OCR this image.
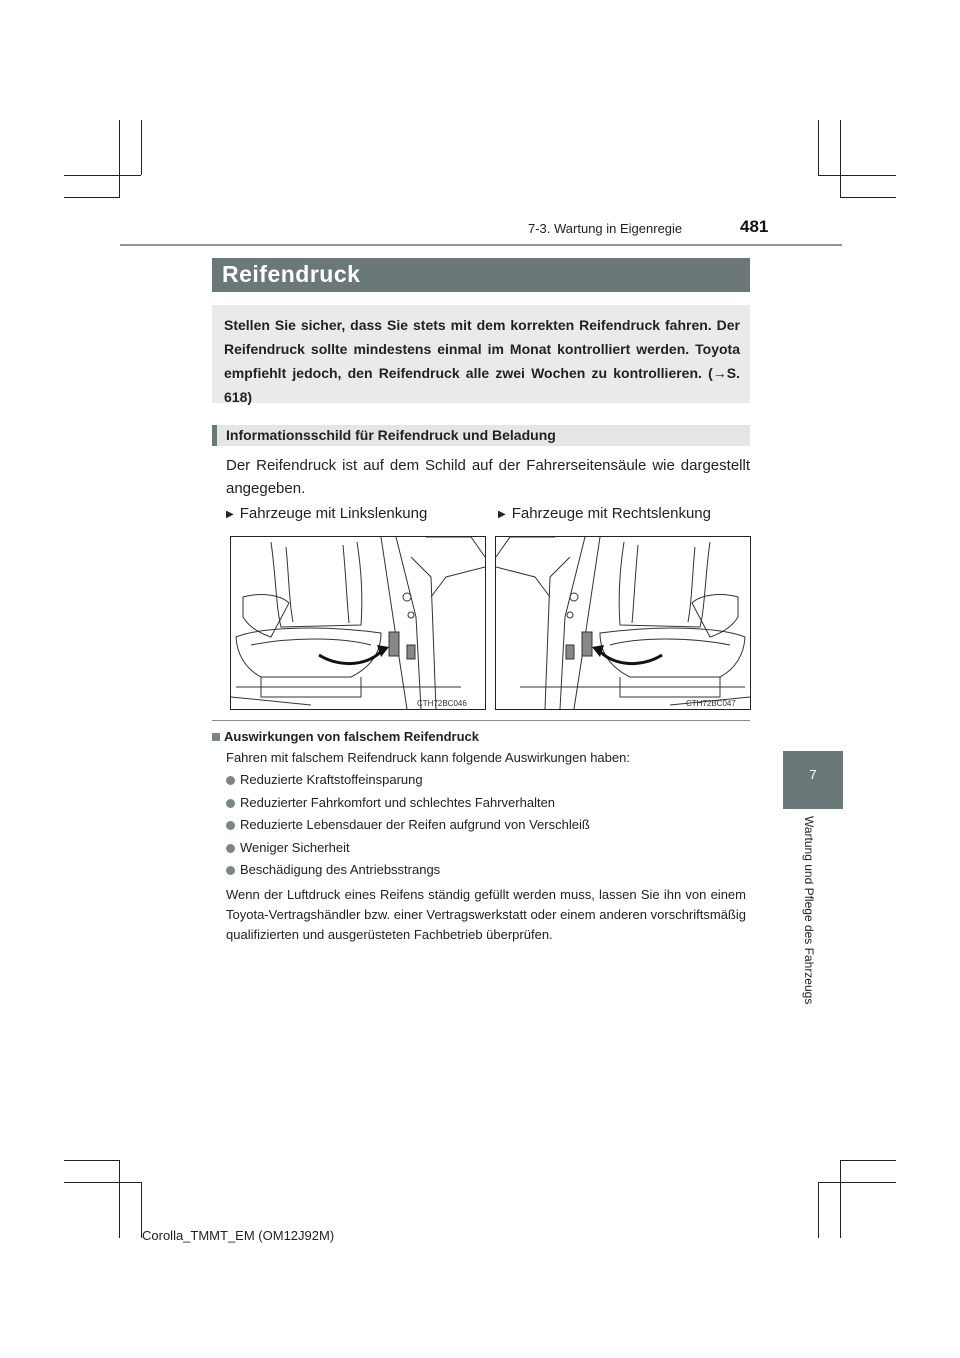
7-3. Wartung in Eigenregie	481
Reifendruck
Stellen Sie sicher, dass Sie stets mit dem korrekten Reifendruck fahren. Der Reifendruck sollte mindestens einmal im Monat kontrolliert werden. Toyota empfiehlt jedoch, den Reifendruck alle zwei Wochen zu kontrollieren. (→S. 618)
Informationsschild für Reifendruck und Beladung
Der Reifendruck ist auf dem Schild auf der Fahrerseitensäule wie dargestellt angegeben.
▶ Fahrzeuge mit Linkslenkung	▶ Fahrzeuge mit Rechtslenkung
CTH72BC046	CTH72BC047
Auswirkungen von falschem Reifendruck
Fahren mit falschem Reifendruck kann folgende Auswirkungen haben:
Reduzierte Kraftstoffeinsparung
Reduzierter Fahrkomfort und schlechtes Fahrverhalten
Reduzierte Lebensdauer der Reifen aufgrund von Verschleiß
Weniger Sicherheit
Beschädigung des Antriebsstrangs
Wenn der Luftdruck eines Reifens ständig gefüllt werden muss, lassen Sie ihn von einem Toyota-Vertragshändler bzw. einer Vertragswerkstatt oder einem anderen vorschriftsmäßig qualifizierten und ausgerüsteten Fachbetrieb überprüfen.
7
Wartung und Pflege des Fahrzeugs
Corolla_TMMT_EM (OM12J92M)
